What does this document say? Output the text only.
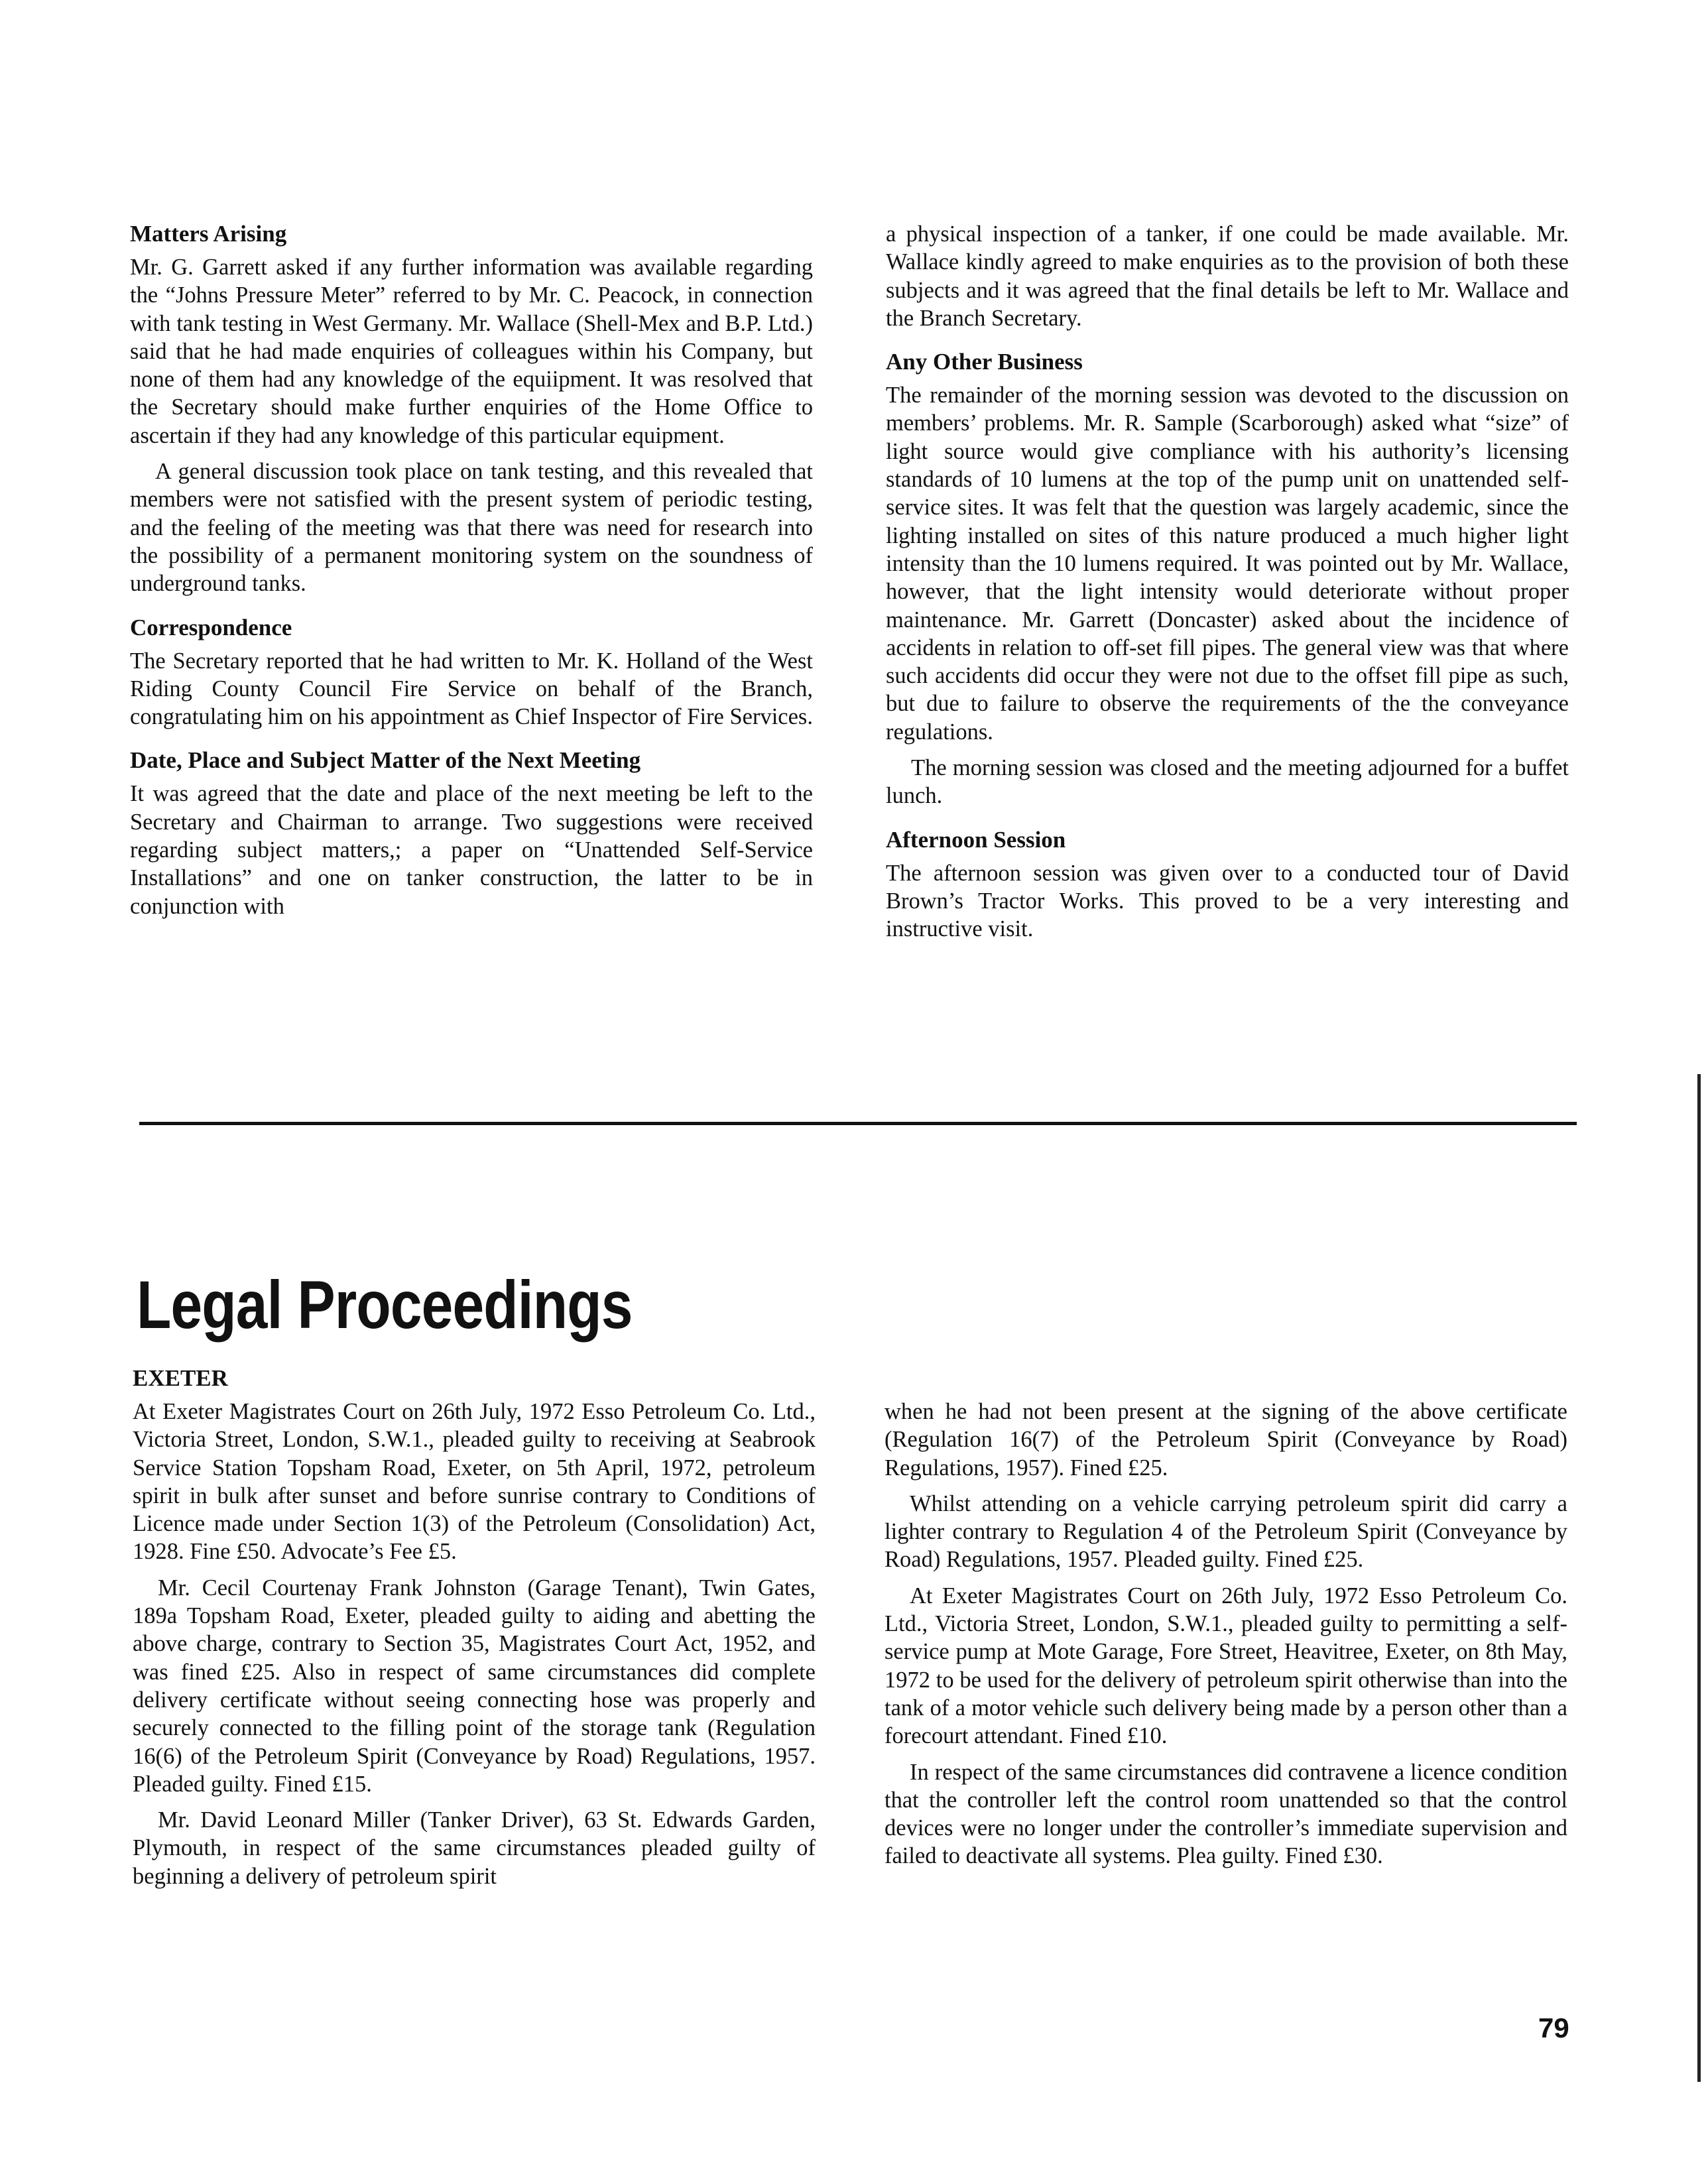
Matters Arising

Mr. G. Garrett asked if any further information was available regarding the “Johns Pressure Meter” referred to by Mr. C. Peacock, in connection with tank testing in West Germany. Mr. Wallace (Shell-Mex and B.P. Ltd.) said that he had made enquiries of colleagues within his Company, but none of them had any knowledge of the equiipment. It was resolved that the Secretary should make further enquiries of the Home Office to ascertain if they had any knowledge of this particular equipment.

A general discussion took place on tank testing, and this revealed that members were not satisfied with the present system of periodic testing, and the feeling of the meeting was that there was need for research into the possibility of a permanent monitoring system on the soundness of underground tanks.

Correspondence

The Secretary reported that he had written to Mr. K. Holland of the West Riding County Council Fire Service on behalf of the Branch, congratulating him on his appointment as Chief Inspector of Fire Services.

Date, Place and Subject Matter of the Next Meeting

It was agreed that the date and place of the next meeting be left to the Secretary and Chairman to arrange. Two suggestions were received regarding subject matters,; a paper on “Unattended Self-Service Installations” and one on tanker construction, the latter to be in conjunction with

a physical inspection of a tanker, if one could be made available. Mr. Wallace kindly agreed to make enquiries as to the provision of both these subjects and it was agreed that the final details be left to Mr. Wallace and the Branch Secretary.

Any Other Business

The remainder of the morning session was devoted to the discussion on members’ problems. Mr. R. Sample (Scarborough) asked what “size” of light source would give compliance with his authority’s licensing standards of 10 lumens at the top of the pump unit on unattended self-service sites. It was felt that the question was largely academic, since the lighting installed on sites of this nature produced a much higher light intensity than the 10 lumens required. It was pointed out by Mr. Wallace, however, that the light intensity would deteriorate without proper maintenance. Mr. Garrett (Doncaster) asked about the incidence of accidents in relation to off-set fill pipes. The general view was that where such accidents did occur they were not due to the offset fill pipe as such, but due to failure to observe the requirements of the the conveyance regulations.

The morning session was closed and the meeting adjourned for a buffet lunch.

Afternoon Session

The afternoon session was given over to a conducted tour of David Brown’s Tractor Works. This proved to be a very interesting and instructive visit.

Legal Proceedings
EXETER

At Exeter Magistrates Court on 26th July, 1972 Esso Petroleum Co. Ltd., Victoria Street, London, S.W.1., pleaded guilty to receiving at Seabrook Service Station Topsham Road, Exeter, on 5th April, 1972, petroleum spirit in bulk after sunset and before sunrise contrary to Conditions of Licence made under Section 1(3) of the Petroleum (Consolidation) Act, 1928. Fine £50. Advocate’s Fee £5.

Mr. Cecil Courtenay Frank Johnston (Garage Tenant), Twin Gates, 189a Topsham Road, Exeter, pleaded guilty to aiding and abetting the above charge, contrary to Section 35, Magistrates Court Act, 1952, and was fined £25. Also in respect of same circumstances did complete delivery certificate without seeing connecting hose was properly and securely connected to the filling point of the storage tank (Regulation 16(6) of the Petroleum Spirit (Conveyance by Road) Regulations, 1957. Pleaded guilty. Fined £15.

Mr. David Leonard Miller (Tanker Driver), 63 St. Edwards Garden, Plymouth, in respect of the same circumstances pleaded guilty of beginning a delivery of petroleum spirit

when he had not been present at the signing of the above certificate (Regulation 16(7) of the Petroleum Spirit (Conveyance by Road) Regulations, 1957). Fined £25.

Whilst attending on a vehicle carrying petroleum spirit did carry a lighter contrary to Regulation 4 of the Petroleum Spirit (Conveyance by Road) Regulations, 1957. Pleaded guilty. Fined £25.

At Exeter Magistrates Court on 26th July, 1972 Esso Petroleum Co. Ltd., Victoria Street, London, S.W.1., pleaded guilty to permitting a self-service pump at Mote Garage, Fore Street, Heavitree, Exeter, on 8th May, 1972 to be used for the delivery of petroleum spirit otherwise than into the tank of a motor vehicle such delivery being made by a person other than a forecourt attendant. Fined £10.

In respect of the same circumstances did contravene a licence condition that the controller left the control room unattended so that the control devices were no longer under the controller’s immediate supervision and failed to deactivate all systems. Plea guilty. Fined £30.

79
